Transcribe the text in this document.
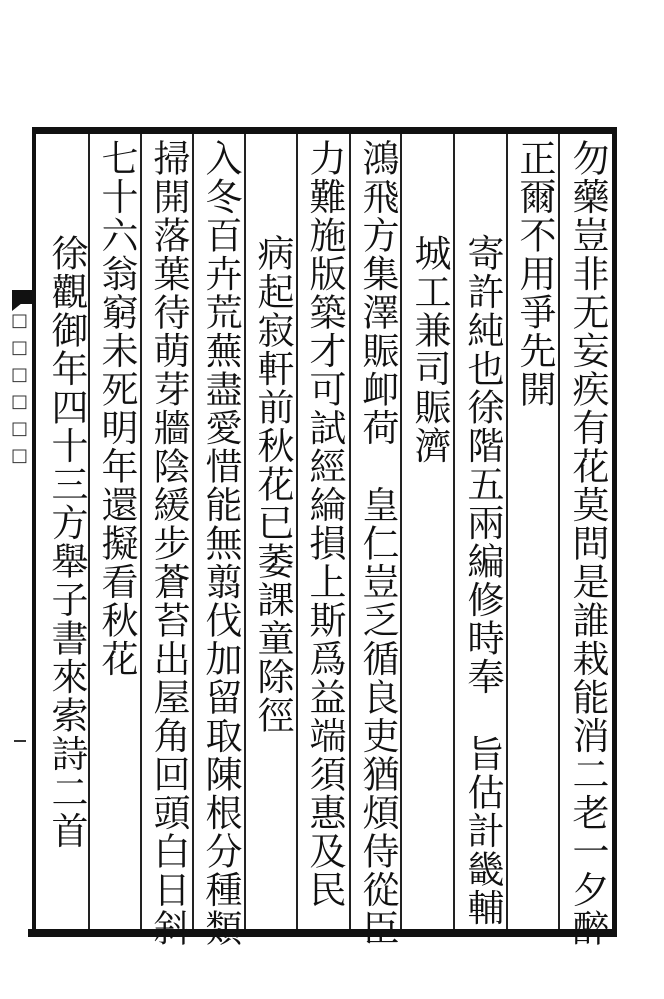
勿藥豈非无妄疾有花莫問是誰栽能消二老一夕醉
正爾不用爭先開
寄許純也徐階五兩編修時奉　旨估計畿輔
城工兼司賑濟
鴻飛方集澤賑卹荷　皇仁豈乏循良吏猶煩侍從臣
力難施版築才可試經綸損上斯爲益端須惠及民
病起寂軒前秋花已萎課童除徑
入冬百卉荒蕪盡愛惜能無翦伐加留取陳根分種類
掃開落葉待萌芽牆陰緩步蒼苔出屋角回頭白日斜
七十六翁窮未死明年還擬看秋花
徐觀御年四十三方舉子書來索詩二首
□□□□□□
